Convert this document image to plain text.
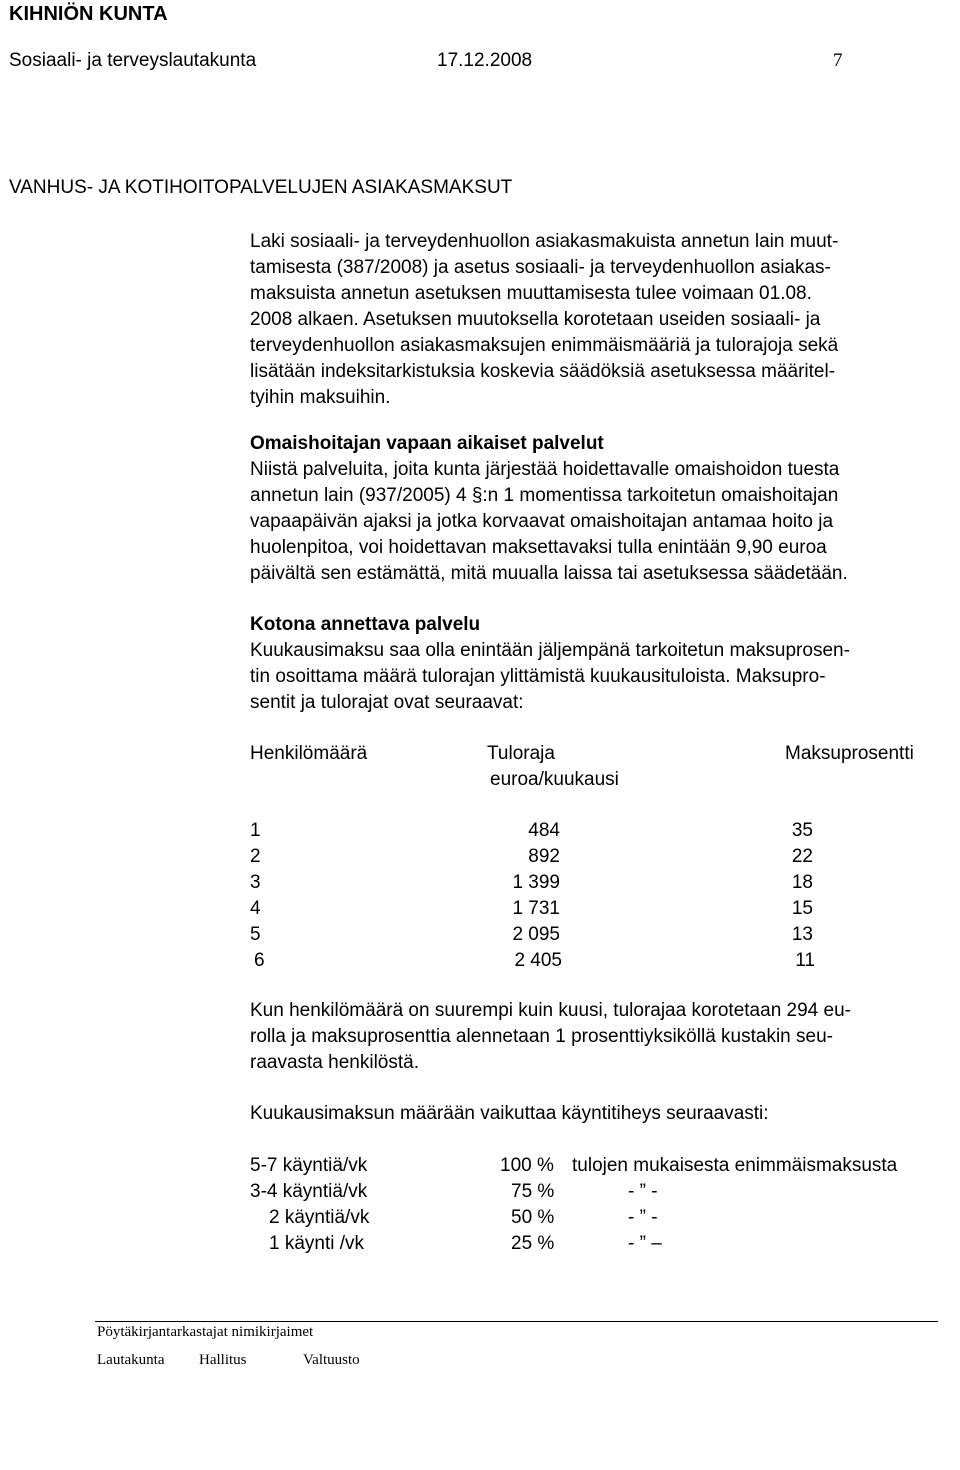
KIHNIÖN KUNTA
Sosiaali- ja terveyslautakunta	17.12.2008	7
VANHUS- JA KOTIHOITOPALVELUJEN ASIAKASMAKSUT
Laki sosiaali- ja terveydenhuollon asiakasmakuista annetun lain muut-
tamisesta (387/2008) ja asetus sosiaali- ja terveydenhuollon asiakas-
maksuista annetun asetuksen muuttamisesta tulee voimaan 01.08.
2008 alkaen. Asetuksen muutoksella korotetaan useiden sosiaali- ja
terveydenhuollon asiakasmaksujen enimmäismääriä ja tulorajoja sekä
lisätään indeksitarkistuksia koskevia säädöksiä asetuksessa määritel-
tyihin maksuihin.
Omaishoitajan vapaan aikaiset palvelut
Niistä palveluita, joita kunta järjestää hoidettavalle omaishoidon tuesta
annetun lain (937/2005) 4 §:n 1 momentissa tarkoitetun omaishoitajan
vapaapäivän ajaksi ja jotka korvaavat omaishoitajan antamaa hoito ja
huolenpitoa, voi hoidettavan maksettavaksi tulla enintään 9,90 euroa
päivältä sen estämättä, mitä muualla laissa tai asetuksessa säädetään.
Kotona annettava palvelu
Kuukausimaksu saa olla enintään jäljempänä tarkoitetun maksuprosen-
tin osoittama määrä tulorajan ylittämistä kuukausituloista. Maksupro-
sentit ja tulorajat ovat seuraavat:
Henkilömäärä	Tuloraja	Maksuprosentti
euroa/kuukausi
1	484	35
2	892	22
3	1 399	18
4	1 731	15
5	2 095	13
6	2 405	11
Kun henkilömäärä on suurempi kuin kuusi, tulorajaa korotetaan 294 eu-
rolla ja maksuprosenttia alennetaan 1 prosenttiyksiköllä kustakin seu-
raavasta henkilöstä.
Kuukausimaksun määrään vaikuttaa käyntitiheys seuraavasti:
5-7 käyntiä/vk	100 % tulojen mukaisesta enimmäismaksusta
3-4 käyntiä/vk	75 %	- ” -
2 käyntiä/vk	50 %	- ” -
1 käynti /vk	25 %	- ” –
Pöytäkirjantarkastajat nimikirjaimet
Lautakunta Hallitus	Valtuusto
